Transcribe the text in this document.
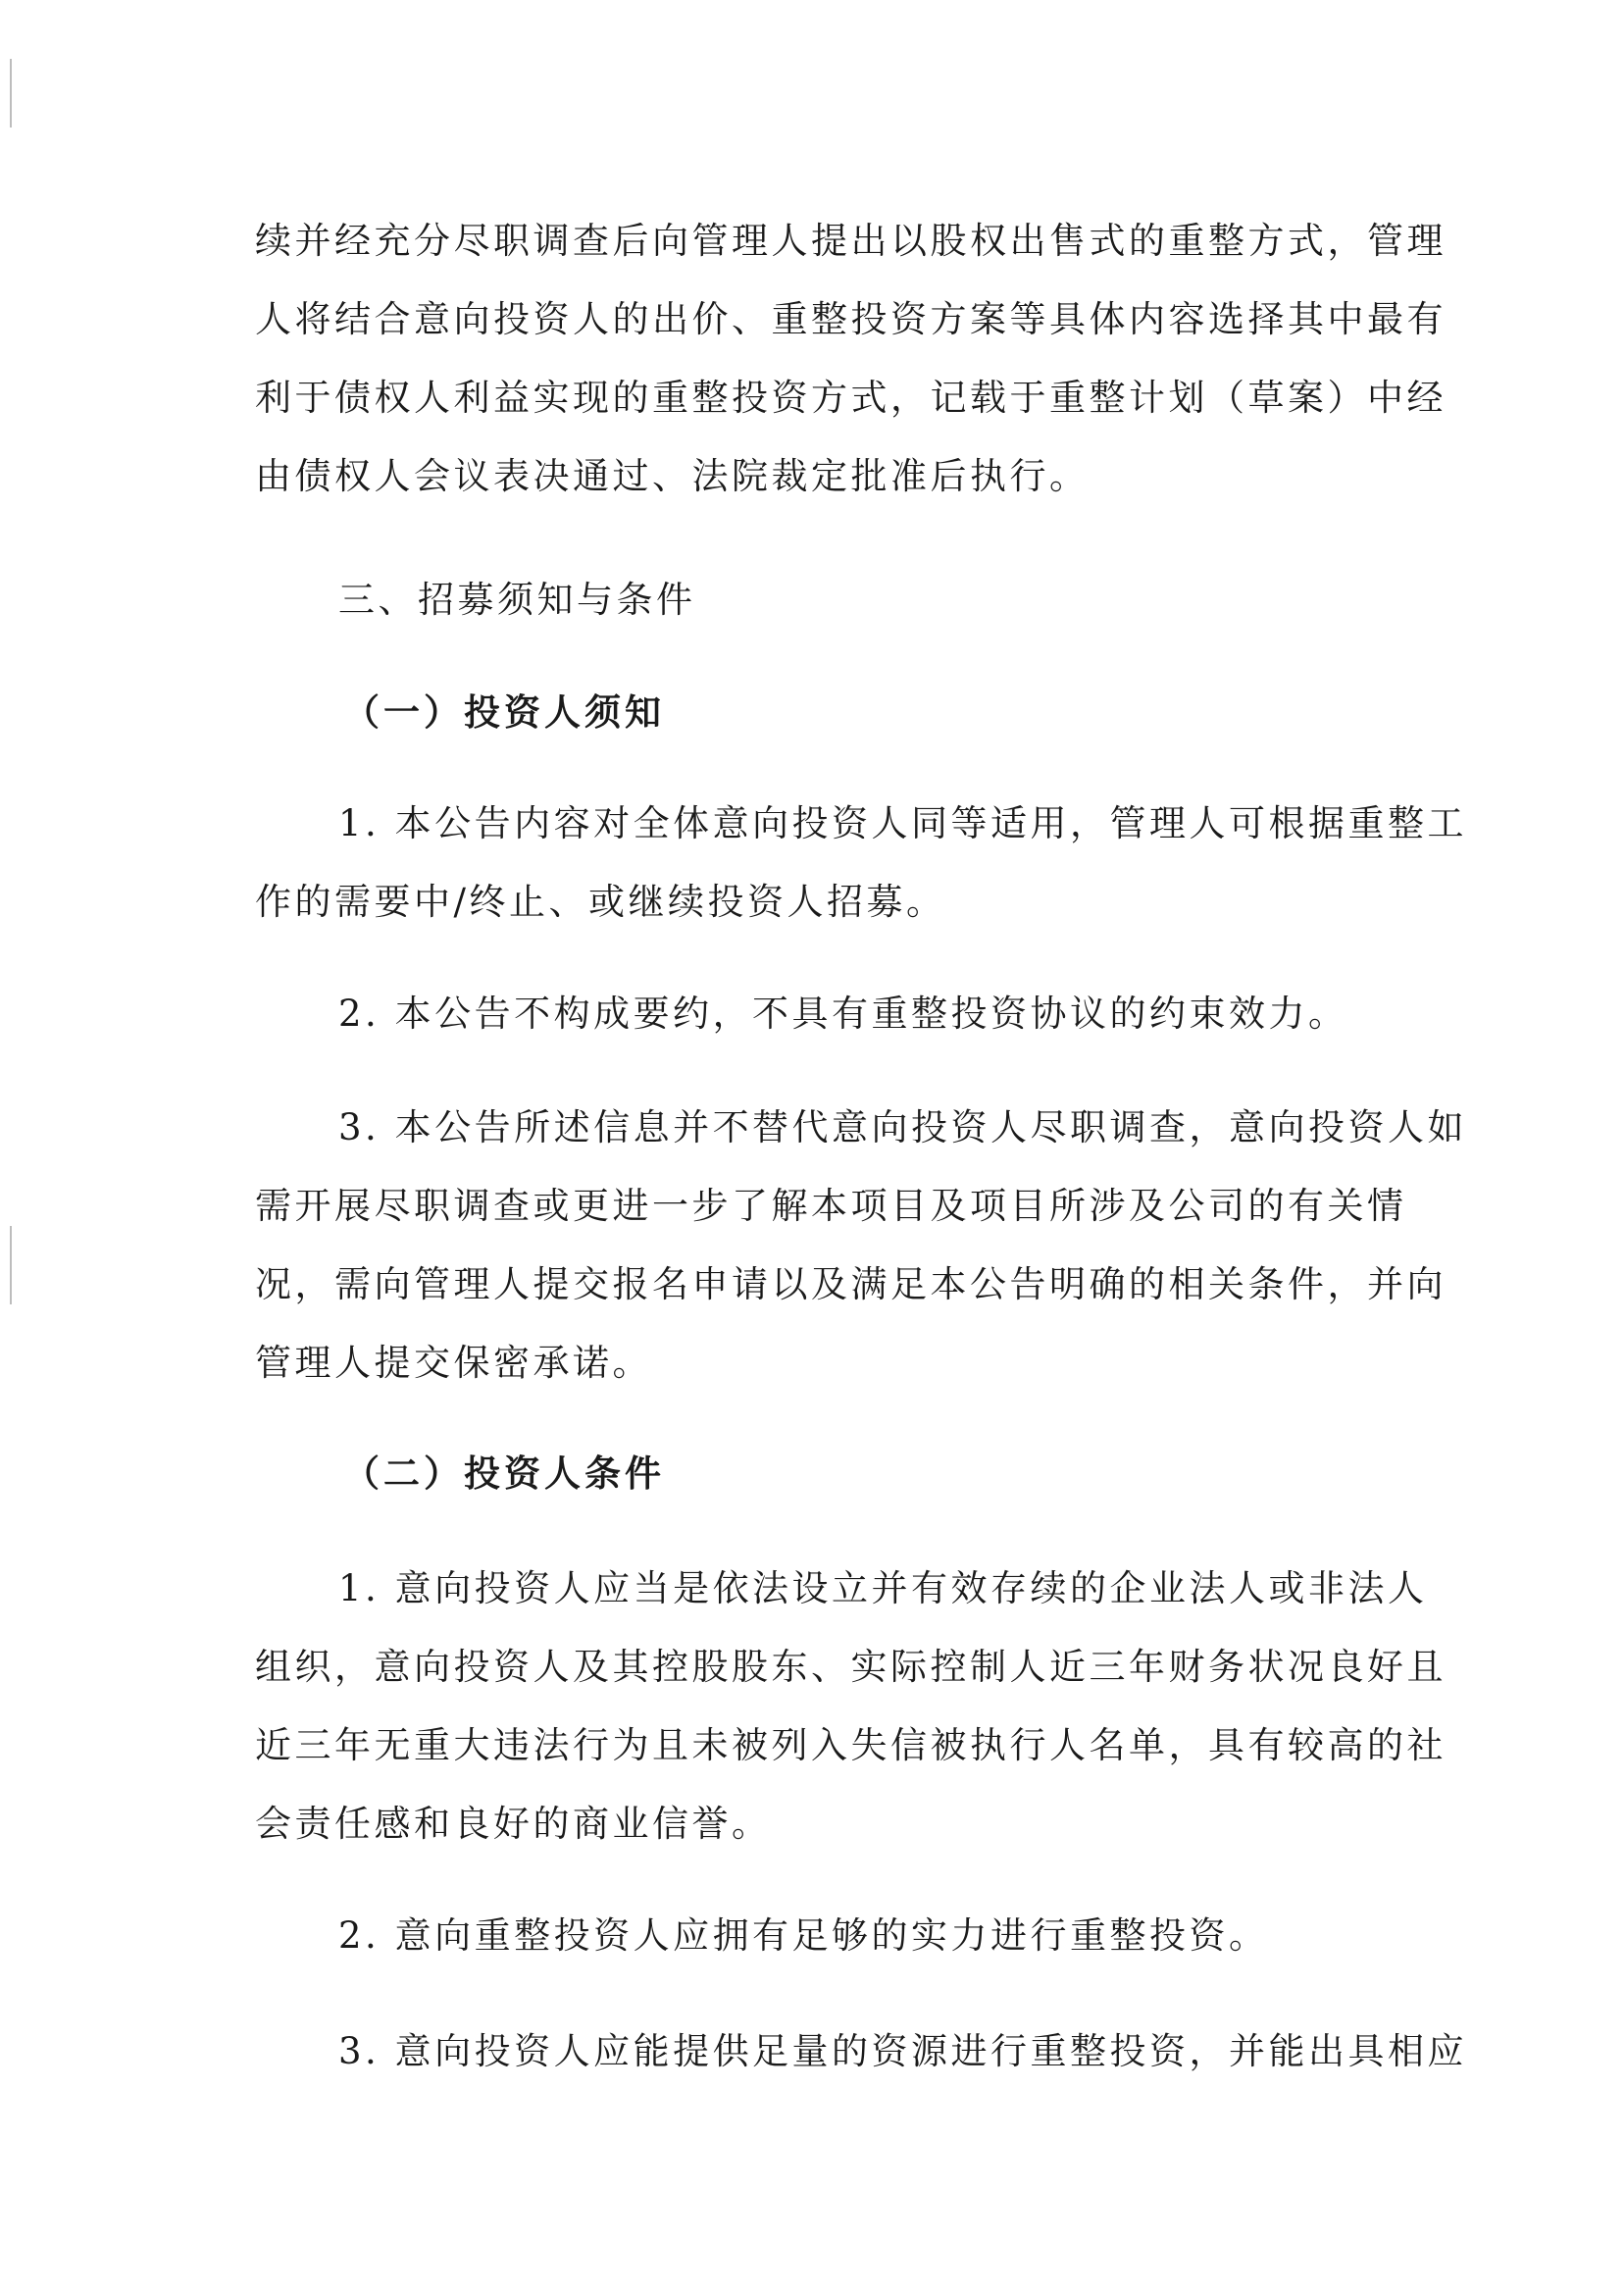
续并经充分尽职调查后向管理人提出以股权出售式的重整方式，管理
人将结合意向投资人的出价、重整投资方案等具体内容选择其中最有
利于债权人利益实现的重整投资方式，记载于重整计划（草案）中经
由债权人会议表决通过、法院裁定批准后执行。
三、招募须知与条件
（一）投资人须知
1. 本公告内容对全体意向投资人同等适用，管理人可根据重整工
作的需要中/终止、或继续投资人招募。
2. 本公告不构成要约，不具有重整投资协议的约束效力。
3. 本公告所述信息并不替代意向投资人尽职调查，意向投资人如
需开展尽职调查或更进一步了解本项目及项目所涉及公司的有关情
况，需向管理人提交报名申请以及满足本公告明确的相关条件，并向
管理人提交保密承诺。
（二）投资人条件
1. 意向投资人应当是依法设立并有效存续的企业法人或非法人
组织，意向投资人及其控股股东、实际控制人近三年财务状况良好且
近三年无重大违法行为且未被列入失信被执行人名单，具有较高的社
会责任感和良好的商业信誉。
2. 意向重整投资人应拥有足够的实力进行重整投资。
3. 意向投资人应能提供足量的资源进行重整投资，并能出具相应
